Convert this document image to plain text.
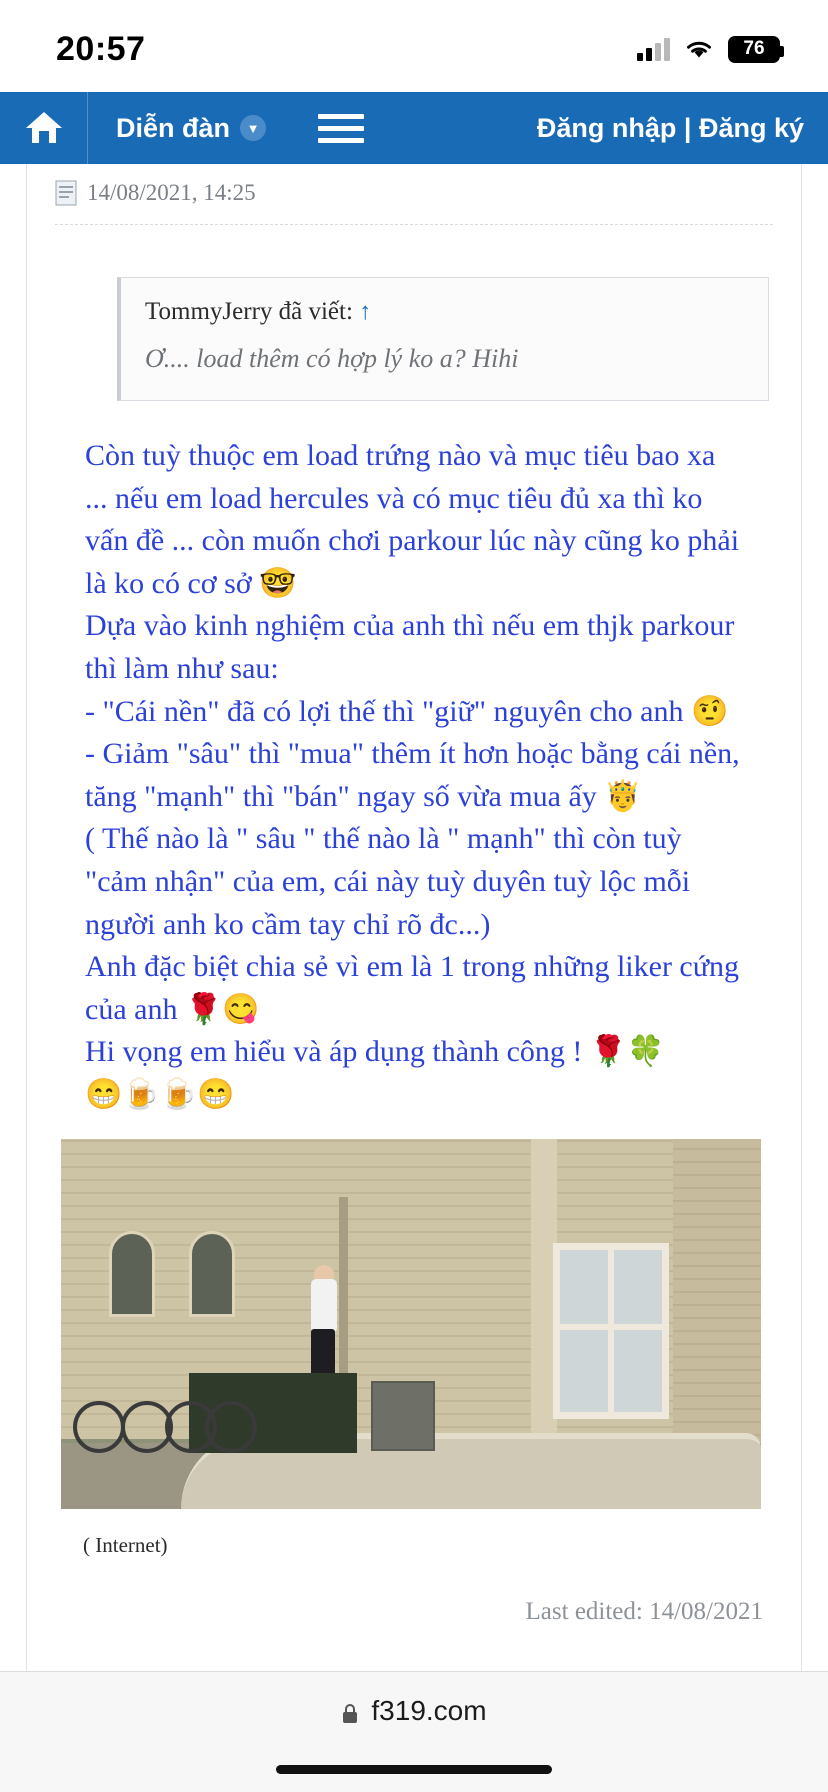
20:57	76
Diễn đàn	▼	Đăng nhập | Đăng ký
14/08/2021, 14:25
TommyJerry đã viết: ↑
Ơ.... load thêm có hợp lý ko a? Hihi

Còn tuỳ thuộc em load trứng nào và mục tiêu bao xa ... nếu em load hercules và có mục tiêu đủ xa thì ko vấn đề ... còn muốn chơi parkour lúc này cũng ko phải là ko có cơ sở 🤓

Dựa vào kinh nghiệm của anh thì nếu em thjk parkour thì làm như sau:

- "Cái nền" đã có lợi thế thì "giữ" nguyên cho anh 🤨

- Giảm "sâu" thì "mua" thêm ít hơn hoặc bằng cái nền, tăng "mạnh" thì "bán" ngay số vừa mua ấy 🤴

( Thế nào là " sâu " thế nào là " mạnh" thì còn tuỳ "cảm nhận" của em, cái này tuỳ duyên tuỳ lộc mỗi người anh ko cầm tay chỉ rõ đc...)

Anh đặc biệt chia sẻ vì em là 1 trong những liker cứng của anh 🌹😋

Hi vọng em hiểu và áp dụng thành công ! 🌹🍀

😁🍺🍺😁

( Internet)
Last edited: 14/08/2021
f319.com
